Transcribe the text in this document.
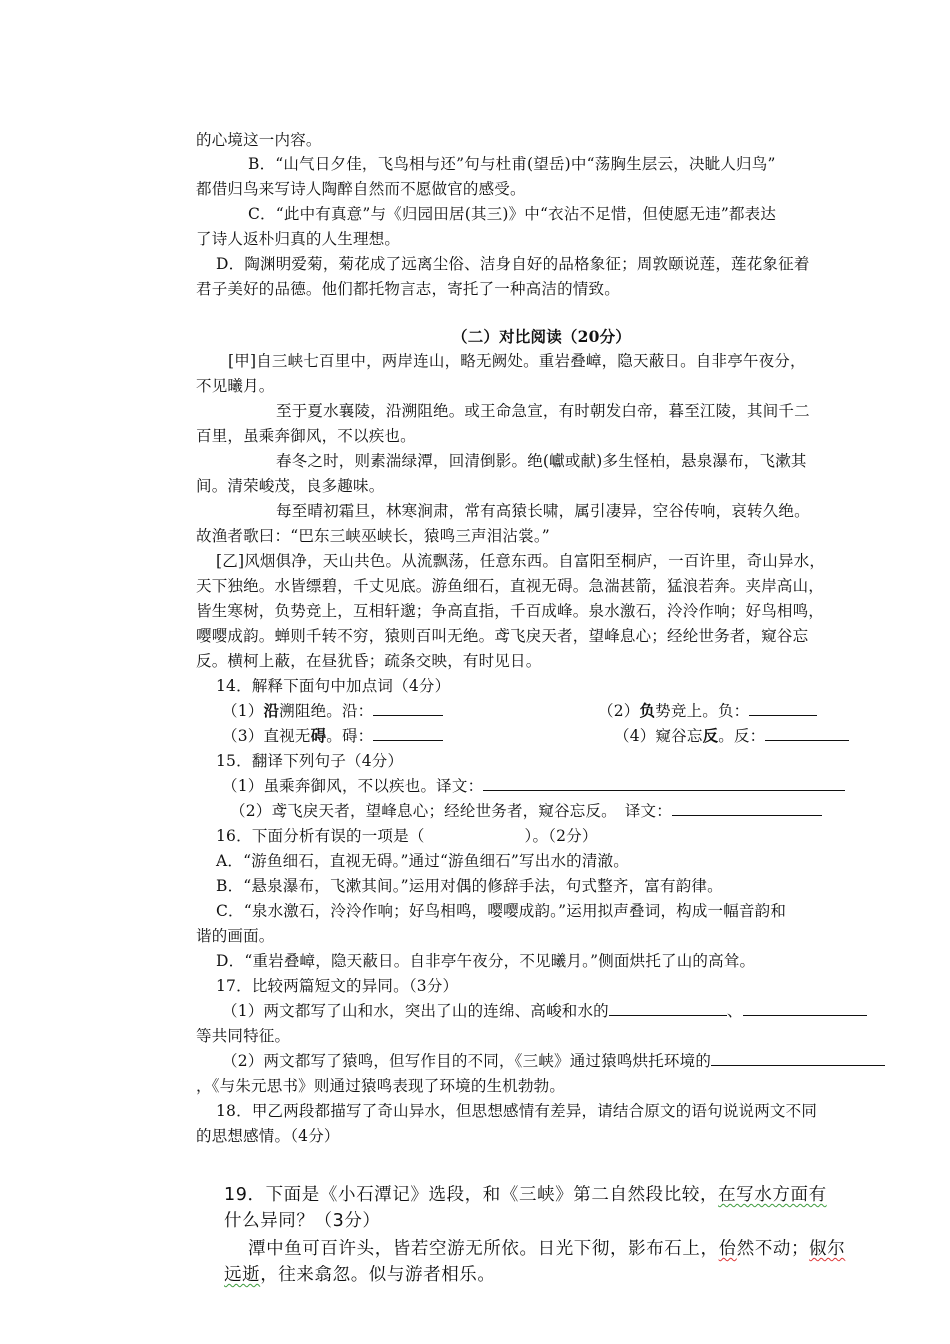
的心境这一内容。
B．“山气日夕佳，飞鸟相与还”句与杜甫(望岳)中“荡胸生层云，决眦人归鸟”
都借归鸟来写诗人陶醉自然而不愿做官的感受。
C．“此中有真意”与《归园田居(其三)》中“衣沾不足惜，但使愿无违”都表达
了诗人返朴归真的人生理想。
D．陶渊明爱菊，菊花成了远离尘俗、洁身自好的品格象征；周敦颐说莲，莲花象征着
君子美好的品德。他们都托物言志，寄托了一种高洁的情致。
（二）对比阅读（20分）
[甲]自三峡七百里中，两岸连山，略无阙处。重岩叠嶂，隐天蔽日。自非亭午夜分，
不见曦月。
至于夏水襄陵，沿溯阻绝。或王命急宣，有时朝发白帝，暮至江陵，其间千二
百里，虽乘奔御风，不以疾也。
春冬之时，则素湍绿潭，回清倒影。绝(巘或献)多生怪柏，悬泉瀑布，飞漱其
间。清荣峻茂，良多趣味。
每至晴初霜旦，林寒涧肃，常有高猿长啸，属引凄异，空谷传响，哀转久绝。
故渔者歌曰：“巴东三峡巫峡长，猿鸣三声泪沾裳。”
[乙]风烟俱净，天山共色。从流飘荡，任意东西。自富阳至桐庐，一百许里，奇山异水，
天下独绝。水皆缥碧，千丈见底。游鱼细石，直视无碍。急湍甚箭，猛浪若奔。夹岸高山，
皆生寒树，负势竞上，互相轩邈；争高直指，千百成峰。泉水激石，泠泠作响；好鸟相鸣，
嘤嘤成韵。蝉则千转不穷，猿则百叫无绝。鸢飞戾天者，望峰息心；经纶世务者，窥谷忘
反。横柯上蔽，在昼犹昏；疏条交映，有时见日。
14．解释下面句中加点词（4分）
（1）沿溯阻绝。沿：	（2）负势竞上。负：
（3）直视无碍。碍：	（4）窥谷忘反。反：
15．翻译下列句子（4分）
（1）虽乘奔御风，不以疾也。译文：
（2）鸢飞戾天者，望峰息心；经纶世务者，窥谷忘反。　译文：
16．下面分析有误的一项是（	）。（2分）
A．“游鱼细石，直视无碍。”通过“游鱼细石”写出水的清澈。
B．“悬泉瀑布，飞漱其间。”运用对偶的修辞手法，句式整齐，富有韵律。
C．“泉水激石，泠泠作响；好鸟相鸣，嘤嘤成韵。”运用拟声叠词，构成一幅音韵和
谐的画面。
D．“重岩叠嶂，隐天蔽日。自非亭午夜分，不见曦月。”侧面烘托了山的高耸。
17．比较两篇短文的异同。（3分）
（1）两文都写了山和水，突出了山的连绵、高峻和水的	、
等共同特征。
（2）两文都写了猿鸣，但写作目的不同，《三峡》通过猿鸣烘托环境的
，《与朱元思书》则通过猿鸣表现了环境的生机勃勃。
18．甲乙两段都描写了奇山异水，但思想感情有差异，请结合原文的语句说说两文不同
的思想感情。（4分）
19．下面是《小石潭记》选段，和《三峡》第二自然段比较，在写水方面有
什么异同？（3分）
潭中鱼可百许头，皆若空游无所依。日光下彻，影布石上，佁然不动；俶尔
远逝，往来翕忽。似与游者相乐。
